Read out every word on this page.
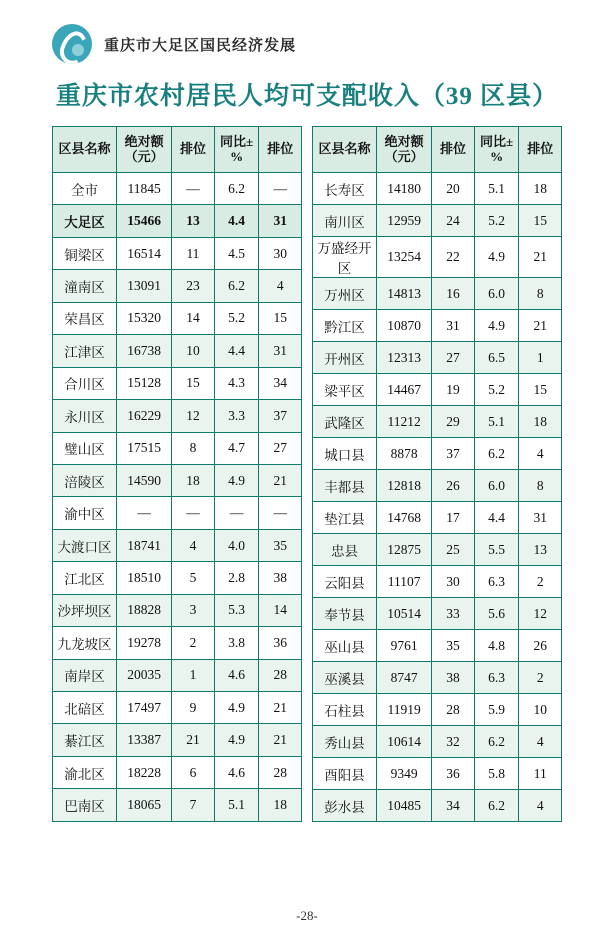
重庆市大足区国民经济发展
重庆市农村居民人均可支配收入（39 区县）
区县名称	绝对额（元）	排位	同比±%	排位
全市	11845	—	6.2	—
大足区	15466	13	4.4	31
铜梁区	16514	11	4.5	30
潼南区	13091	23	6.2	4
荣昌区	15320	14	5.2	15
江津区	16738	10	4.4	31
合川区	15128	15	4.3	34
永川区	16229	12	3.3	37
璧山区	17515	8	4.7	27
涪陵区	14590	18	4.9	21
渝中区	—	—	—	—
大渡口区	18741	4	4.0	35
江北区	18510	5	2.8	38
沙坪坝区	18828	3	5.3	14
九龙坡区	19278	2	3.8	36
南岸区	20035	1	4.6	28
北碚区	17497	9	4.9	21
綦江区	13387	21	4.9	21
渝北区	18228	6	4.6	28
巴南区	18065	7	5.1	18
区县名称	绝对额（元）	排位	同比±%	排位
长寿区	14180	20	5.1	18
南川区	12959	24	5.2	15
万盛经开区	13254	22	4.9	21
万州区	14813	16	6.0	8
黔江区	10870	31	4.9	21
开州区	12313	27	6.5	1
梁平区	14467	19	5.2	15
武隆区	11212	29	5.1	18
城口县	8878	37	6.2	4
丰都县	12818	26	6.0	8
垫江县	14768	17	4.4	31
忠县	12875	25	5.5	13
云阳县	11107	30	6.3	2
奉节县	10514	33	5.6	12
巫山县	9761	35	4.8	26
巫溪县	8747	38	6.3	2
石柱县	11919	28	5.9	10
秀山县	10614	32	6.2	4
酉阳县	9349	36	5.8	11
彭水县	10485	34	6.2	4
-28-
